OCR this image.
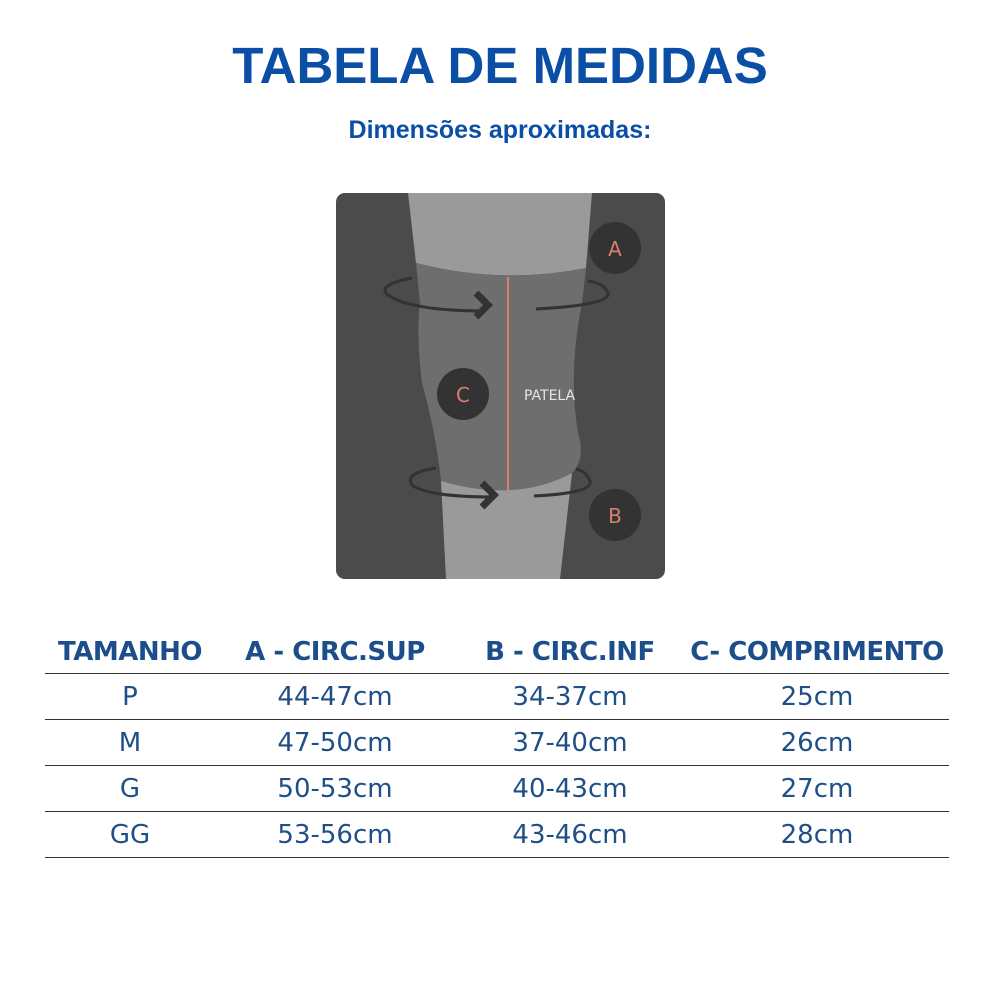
TABELA DE MEDIDAS
Dimensões aproximadas:
A
C
B
PATELA
TAMANHO	A - CIRC.SUP	B - CIRC.INF	C- COMPRIMENTO
P	44-47cm	34-37cm	25cm
M	47-50cm	37-40cm	26cm
G	50-53cm	40-43cm	27cm
GG	53-56cm	43-46cm	28cm
